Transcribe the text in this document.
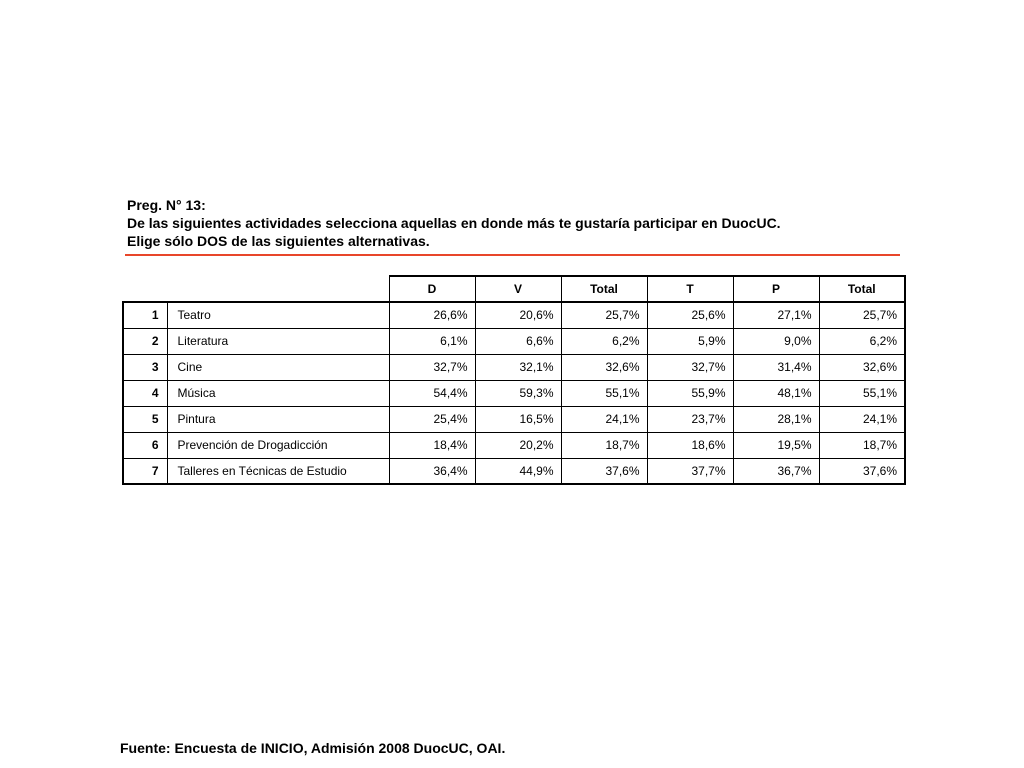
Preg. N° 13:
De las siguientes actividades selecciona aquellas en donde más te gustaría participar en DuocUC.
Elige sólo DOS de las siguientes alternativas.
		D	V	Total	T	P	Total
1	Teatro	26,6%	20,6%	25,7%	25,6%	27,1%	25,7%
2	Literatura	6,1%	6,6%	6,2%	5,9%	9,0%	6,2%
3	Cine	32,7%	32,1%	32,6%	32,7%	31,4%	32,6%
4	Música	54,4%	59,3%	55,1%	55,9%	48,1%	55,1%
5	Pintura	25,4%	16,5%	24,1%	23,7%	28,1%	24,1%
6	Prevención de Drogadicción	18,4%	20,2%	18,7%	18,6%	19,5%	18,7%
7	Talleres en Técnicas de Estudio	36,4%	44,9%	37,6%	37,7%	36,7%	37,6%
Fuente: Encuesta de INICIO, Admisión 2008 DuocUC, OAI.
